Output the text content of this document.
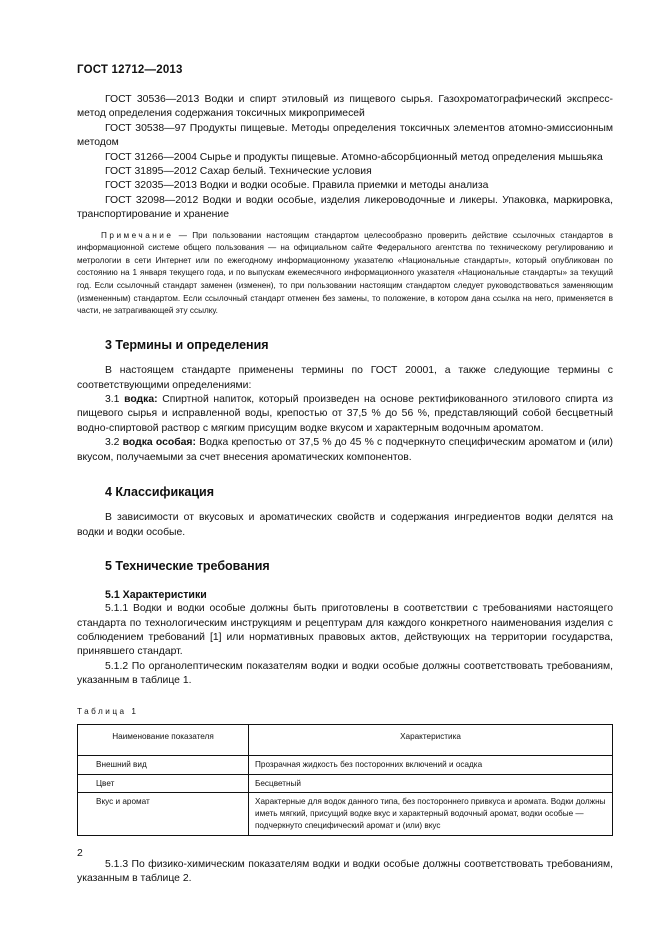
ГОСТ 12712—2013

ГОСТ 30536—2013 Водки и спирт этиловый из пищевого сырья. Газохроматографический экспресс-метод определения содержания токсичных микропримесей

ГОСТ 30538—97 Продукты пищевые. Методы определения токсичных элементов атомно-эмиссионным методом

ГОСТ 31266—2004 Сырье и продукты пищевые. Атомно-абсорбционный метод определения мышьяка

ГОСТ 31895—2012 Сахар белый. Технические условия

ГОСТ 32035—2013 Водки и водки особые. Правила приемки и методы анализа

ГОСТ 32098—2012 Водки и водки особые, изделия ликероводочные и ликеры. Упаковка, маркировка, транспортирование и хранение

Примечание — При пользовании настоящим стандартом целесообразно проверить действие ссылочных стандартов в информационной системе общего пользования — на официальном сайте Федерального агентства по техническому регулированию и метрологии в сети Интернет или по ежегодному информационному указателю «Национальные стандарты», который опубликован по состоянию на 1 января текущего года, и по выпускам ежемесячного информационного указателя «Национальные стандарты» за текущий год. Если ссылочный стандарт заменен (изменен), то при пользовании настоящим стандартом следует руководствоваться заменяющим (измененным) стандартом. Если ссылочный стандарт отменен без замены, то положение, в котором дана ссылка на него, применяется в части, не затрагивающей эту ссылку.

3 Термины и определения

В настоящем стандарте применены термины по ГОСТ 20001, а также следующие термины с соответствующими определениями:

3.1 водка: Спиртной напиток, который произведен на основе ректификованного этилового спирта из пищевого сырья и исправленной воды, крепостью от 37,5 % до 56 %, представляющий собой бесцветный водно-спиртовой раствор с мягким присущим водке вкусом и характерным водочным ароматом.

3.2 водка особая: Водка крепостью от 37,5 % до 45 % с подчеркнуто специфическим ароматом и (или) вкусом, получаемыми за счет внесения ароматических компонентов.

4 Классификация

В зависимости от вкусовых и ароматических свойств и содержания ингредиентов водки делятся на водки и водки особые.

5 Технические требования
5.1 Характеристики

5.1.1 Водки и водки особые должны быть приготовлены в соответствии с требованиями настоящего стандарта по технологическим инструкциям и рецептурам для каждого конкретного наименования изделия с соблюдением требований [1] или нормативных правовых актов, действующих на территории государства, принявшего стандарт.

5.1.2 По органолептическим показателям водки и водки особые должны соответствовать требованиям, указанным в таблице 1.

Таблица 1
Наименование показателя	Характеристика
Внешний вид	Прозрачная жидкость без посторонних включений и осадка
Цвет	Бесцветный
Вкус и аромат	Характерные для водок данного типа, без постороннего привкуса и аромата. Водки должны иметь мягкий, присущий водке вкус и характерный водочный аромат, водки особые — подчеркнуто специфический аромат и (или) вкус

5.1.3 По физико-химическим показателям водки и водки особые должны соответствовать требованиям, указанным в таблице 2.

2
